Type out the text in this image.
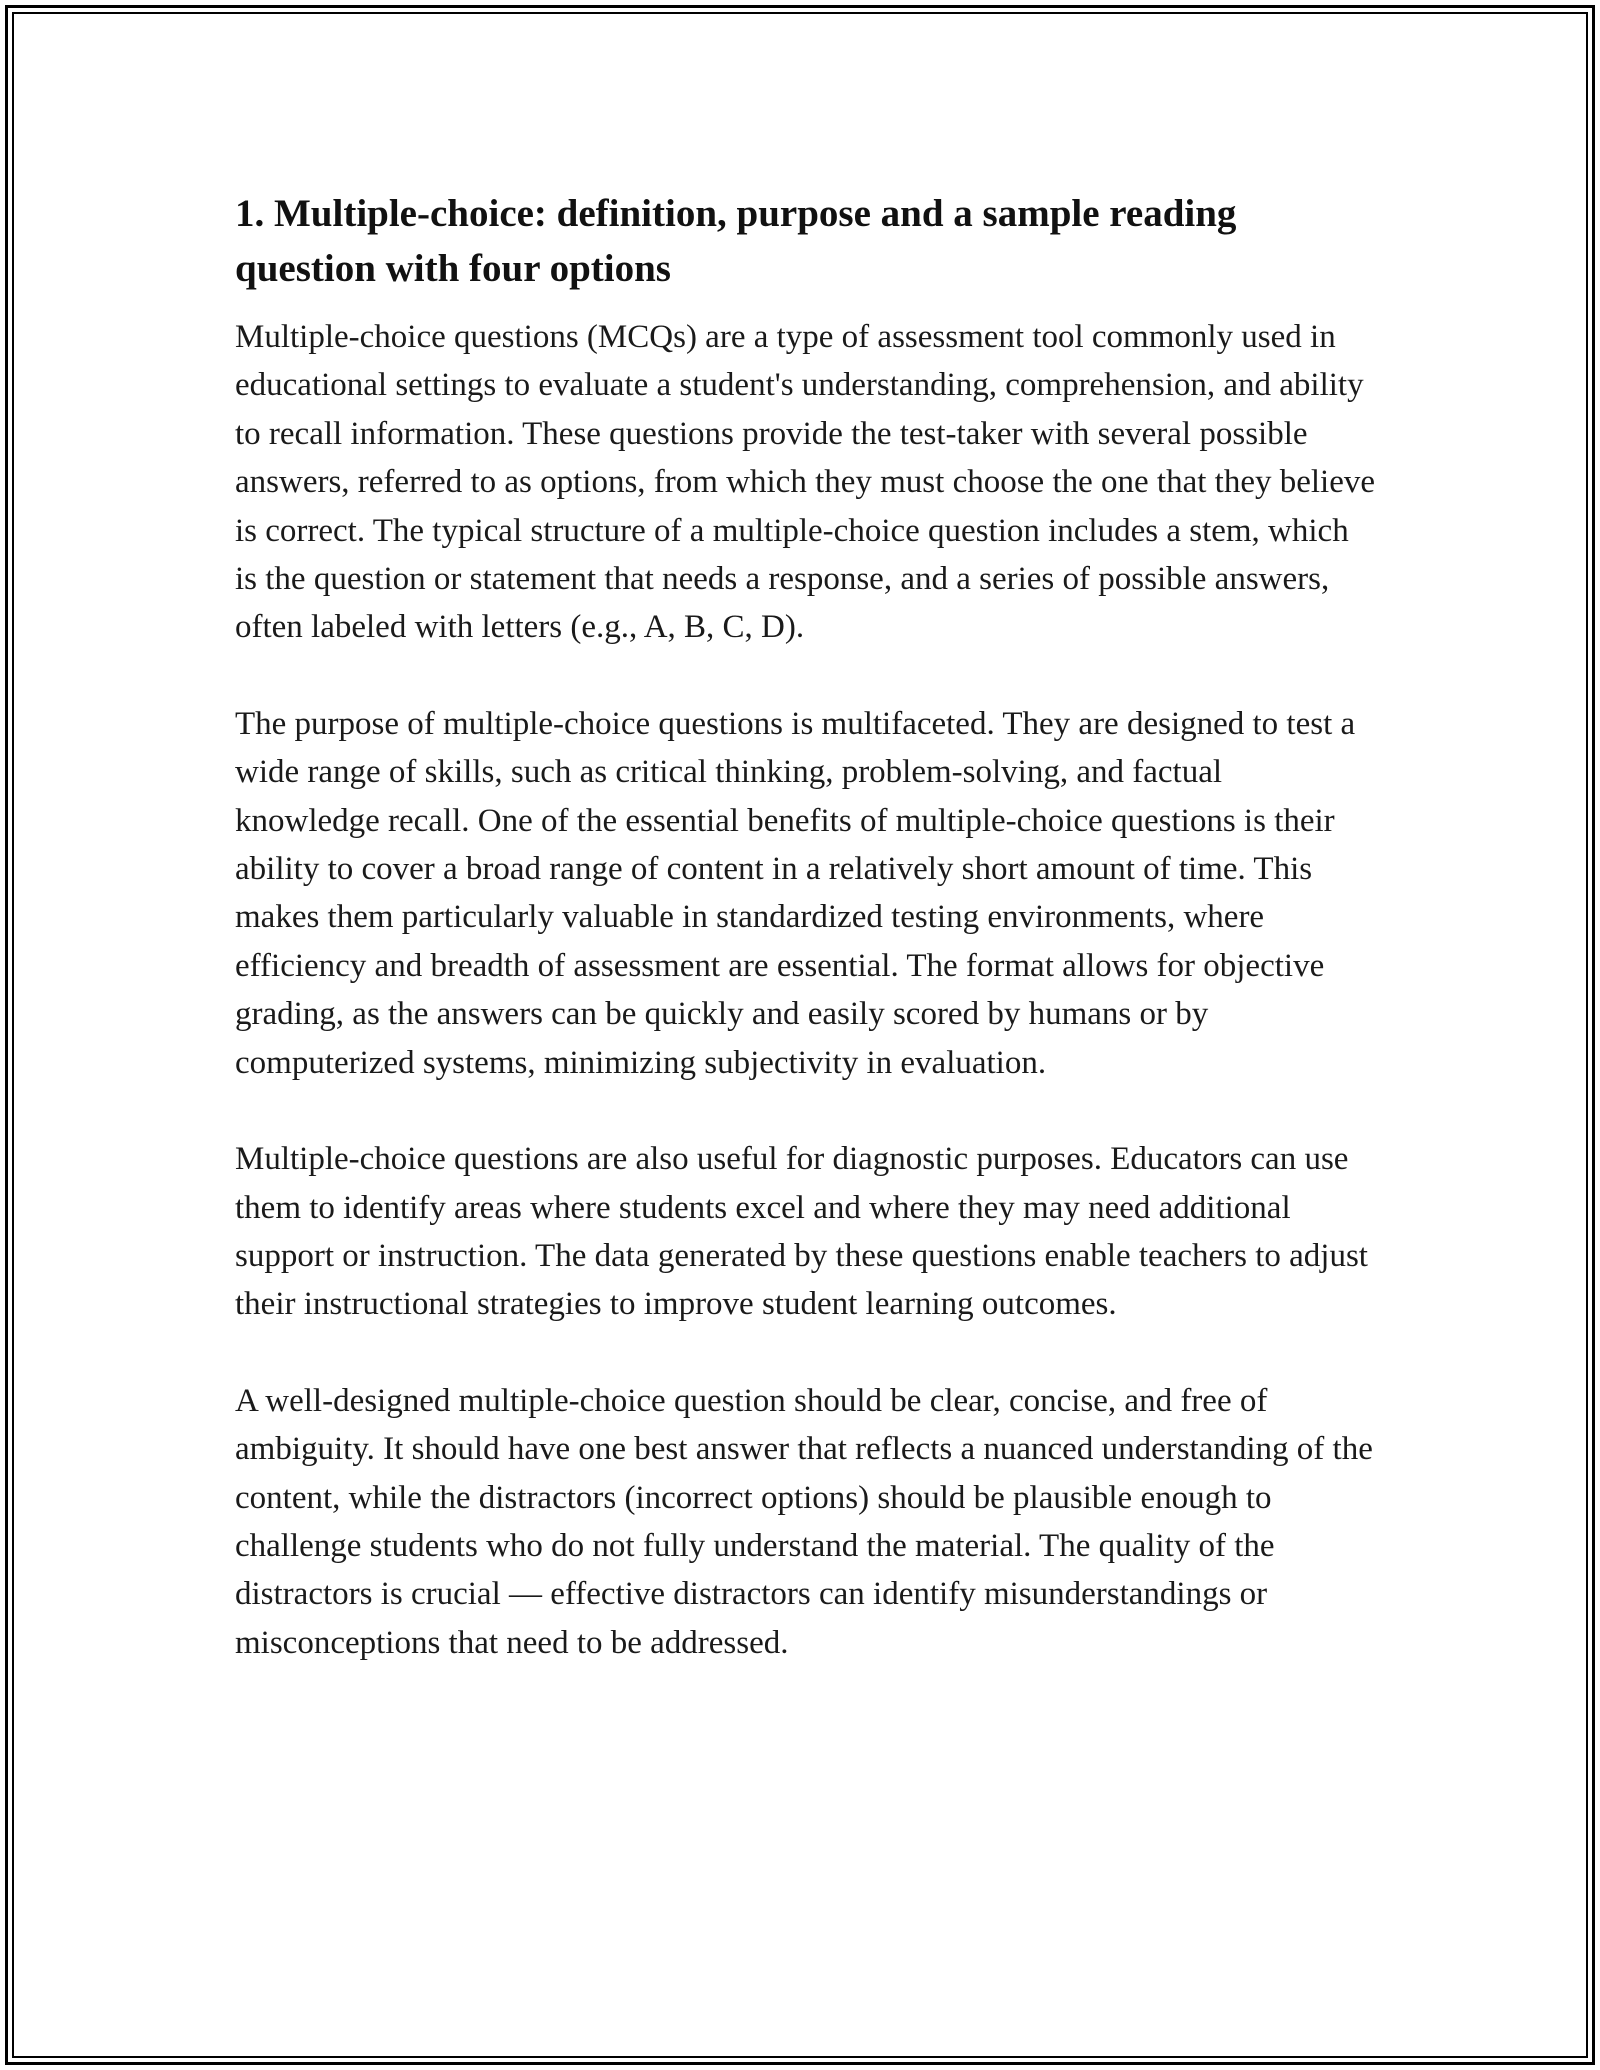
1. Multiple-choice: definition, purpose and a sample reading question with four options

Multiple-choice questions (MCQs) are a type of assessment tool commonly used in educational settings to evaluate a student's understanding, comprehension, and ability to recall information. These questions provide the test-taker with several possible answers, referred to as options, from which they must choose the one that they believe is correct. The typical structure of a multiple-choice question includes a stem, which is the question or statement that needs a response, and a series of possible answers, often labeled with letters (e.g., A, B, C, D).

The purpose of multiple-choice questions is multifaceted. They are designed to test a wide range of skills, such as critical thinking, problem-solving, and factual knowledge recall. One of the essential benefits of multiple-choice questions is their ability to cover a broad range of content in a relatively short amount of time. This makes them particularly valuable in standardized testing environments, where efficiency and breadth of assessment are essential. The format allows for objective grading, as the answers can be quickly and easily scored by humans or by computerized systems, minimizing subjectivity in evaluation.

Multiple-choice questions are also useful for diagnostic purposes. Educators can use them to identify areas where students excel and where they may need additional support or instruction. The data generated by these questions enable teachers to adjust their instructional strategies to improve student learning outcomes.

A well-designed multiple-choice question should be clear, concise, and free of ambiguity. It should have one best answer that reflects a nuanced understanding of the content, while the distractors (incorrect options) should be plausible enough to challenge students who do not fully understand the material. The quality of the distractors is crucial — effective distractors can identify misunderstandings or misconceptions that need to be addressed.
